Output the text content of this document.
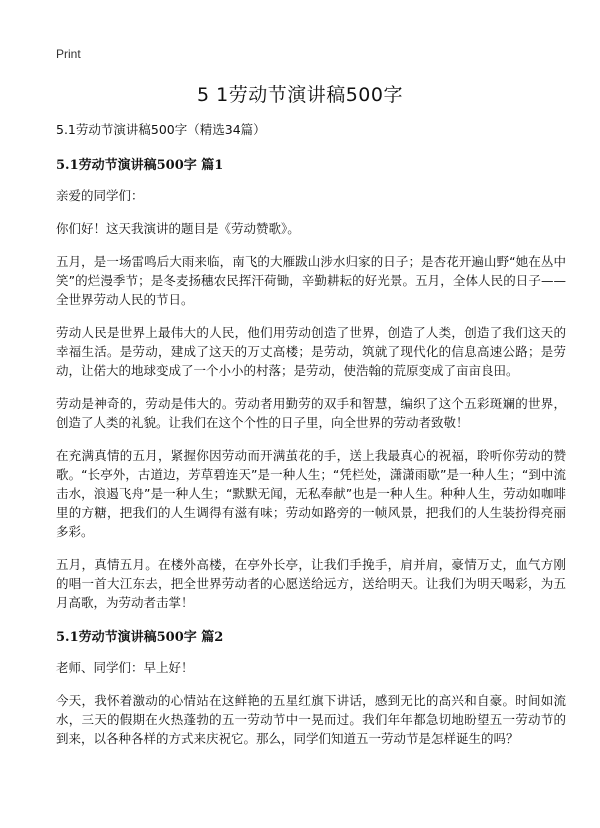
Print
5 1劳动节演讲稿500字
5.1劳动节演讲稿500字（精选34篇）
5.1劳动节演讲稿500字 篇1
亲爱的同学们：
你们好！这天我演讲的题目是《劳动赞歌》。
五月，是一场雷鸣后大雨来临，南飞的大雁跋山涉水归家的日子；是杏花开遍山野“她在丛中笑”的烂漫季节；是冬麦扬穗农民挥汗荷锄，辛勤耕耘的好光景。五月，全体人民的日子——全世界劳动人民的节日。
劳动人民是世界上最伟大的人民，他们用劳动创造了世界，创造了人类，创造了我们这天的幸福生活。是劳动，建成了这天的万丈高楼；是劳动，筑就了现代化的信息高速公路；是劳动，让偌大的地球变成了一个小小的村落；是劳动，使浩翰的荒原变成了亩亩良田。
劳动是神奇的，劳动是伟大的。劳动者用勤劳的双手和智慧，编织了这个五彩斑斓的世界，创造了人类的礼貌。让我们在这个个性的日子里，向全世界的劳动者致敬！
在充满真情的五月，紧握你因劳动而开满茧花的手，送上我最真心的祝福，聆听你劳动的赞歌。“长亭外，古道边，芳草碧连天”是一种人生；“凭栏处，潇潇雨歇”是一种人生；“到中流击水，浪遏飞舟”是一种人生；“默默无闻，无私奉献”也是一种人生。种种人生，劳动如咖啡里的方糖，把我们的人生调得有滋有味；劳动如路旁的一帧风景，把我们的人生装扮得亮丽多彩。
五月，真情五月。在楼外高楼，在亭外长亭，让我们手挽手，肩并肩，豪情万丈，血气方刚的唱一首大江东去，把全世界劳动者的心愿送给远方，送给明天。让我们为明天喝彩，为五月高歌，为劳动者击掌！
5.1劳动节演讲稿500字 篇2
老师、同学们：早上好！
今天，我怀着激动的心情站在这鲜艳的五星红旗下讲话，感到无比的高兴和自豪。时间如流水，三天的假期在火热蓬勃的五一劳动节中一晃而过。我们年年都急切地盼望五一劳动节的到来，以各种各样的方式来庆祝它。那么，同学们知道五一劳动节是怎样诞生的吗？
